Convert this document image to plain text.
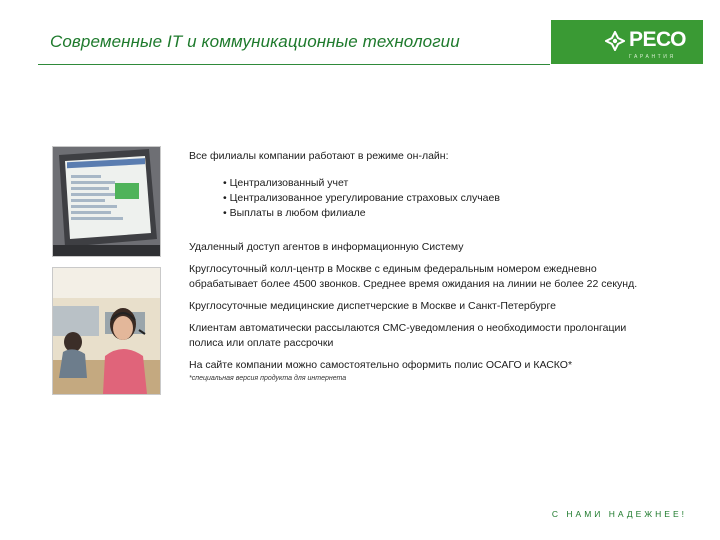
Современные IT и коммуникационные технологии	РЕСО
ГАРАНТИЯ

Все филиалы компании работают в режиме он-лайн:

• Централизованный учет
• Централизованное урегулирование страховых случаев
• Выплаты в любом филиале

Удаленный доступ агентов в информационную Систему

Круглосуточный колл-центр в Москве с единым федеральным номером ежедневно обрабатывает более 4500 звонков. Среднее время ожидания на линии не более 22 секунд.

Круглосуточные медицинские диспетчерские в Москве и Санкт-Петербурге

Клиентам автоматически рассылаются СМС-уведомления о необходимости пролонгации полиса или оплате рассрочки

На сайте компании можно самостоятельно оформить полис ОСАГО и КАСКО*

*специальная версия продукта для интернета

С НАМИ НАДЕЖНЕЕ!
